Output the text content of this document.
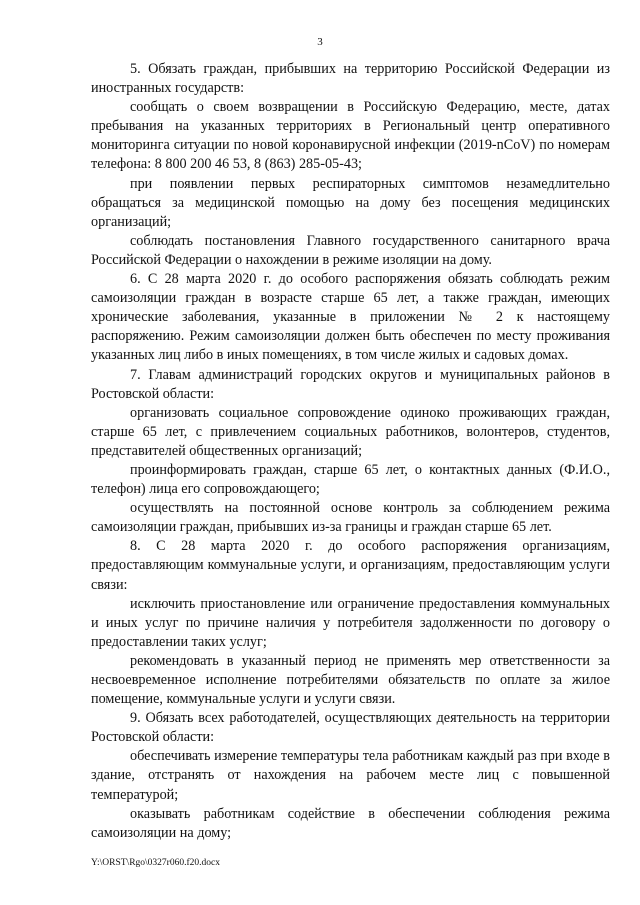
3

5. Обязать граждан, прибывших на территорию Российской Федерации из иностранных государств:

сообщать о своем возвращении в Российскую Федерацию, месте, датах пребывания на указанных территориях в Региональный центр оперативного мониторинга ситуации по новой коронавирусной инфекции (2019-nCoV) по номерам телефона: 8 800 200 46 53, 8 (863) 285-05-43;

при появлении первых респираторных симптомов незамедлительно обращаться за медицинской помощью на дому без посещения медицинских организаций;

соблюдать постановления Главного государственного санитарного врача Российской Федерации о нахождении в режиме изоляции на дому.

6. С 28 марта 2020 г. до особого распоряжения обязать соблюдать режим самоизоляции граждан в возрасте старше 65 лет, а также граждан, имеющих хронические заболевания, указанные в приложении № 2 к настоящему распоряжению. Режим самоизоляции должен быть обеспечен по месту проживания указанных лиц либо в иных помещениях, в том числе жилых и садовых домах.

7. Главам администраций городских округов и муниципальных районов в Ростовской области:

организовать социальное сопровождение одиноко проживающих граждан, старше 65 лет, с привлечением социальных работников, волонтеров, студентов, представителей общественных организаций;

проинформировать граждан, старше 65 лет, о контактных данных (Ф.И.О., телефон) лица его сопровождающего;

осуществлять на постоянной основе контроль за соблюдением режима самоизоляции граждан, прибывших из-за границы и граждан старше 65 лет.

8. С 28 марта 2020 г. до особого распоряжения организациям, предоставляющим коммунальные услуги, и организациям, предоставляющим услуги связи:

исключить приостановление или ограничение предоставления коммунальных и иных услуг по причине наличия у потребителя задолженности по договору о предоставлении таких услуг;

рекомендовать в указанный период не применять мер ответственности за несвоевременное исполнение потребителями обязательств по оплате за жилое помещение, коммунальные услуги и услуги связи.

9. Обязать всех работодателей, осуществляющих деятельность на территории Ростовской области:

обеспечивать измерение температуры тела работникам каждый раз при входе в здание, отстранять от нахождения на рабочем месте лиц с повышенной температурой;

оказывать работникам содействие в обеспечении соблюдения режима самоизоляции на дому;

Y:\ORST\Rgo\0327r060.f20.docx
